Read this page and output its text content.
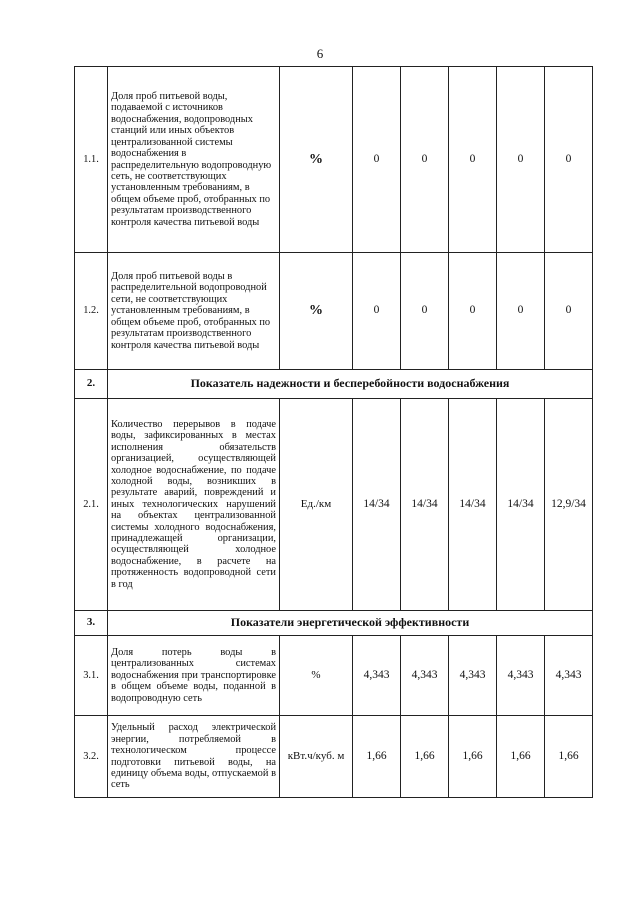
6
1.1.	Доля проб питьевой воды, подаваемой с источников водоснабжения, водопроводных станций или иных объектов централизованной системы водоснабжения в распределительную водопроводную сеть, не соответствующих установленным требованиям, в общем объеме проб, отобранных по результатам производственного контроля качества питьевой воды	%	0	0	0	0	0
1.2.	Доля проб питьевой воды в распределительной водопроводной сети, не соответствующих установленным требованиям, в общем объеме проб, отобранных по результатам производственного контроля качества питьевой воды	%	0	0	0	0	0
2.	Показатель надежности и бесперебойности водоснабжения						
2.1.	Количество перерывов в подаче воды, зафиксированных в местах исполнения обязательств организацией, осуществляющей холодное водоснабжение, по подаче холодной воды, возникших в результате аварий, повреждений и иных технологических нарушений на объектах централизованной системы холодного водоснабжения, принадлежащей организации, осуществляющей холодное водоснабжение, в расчете на протяженность водопроводной сети в год	Ед./км	14/34	14/34	14/34	14/34	12,9/34
3.	Показатели энергетической эффективности						
3.1.	Доля потерь воды в централизованных системах водоснабжения при транспортировке в общем объеме воды, поданной в водопроводную сеть	%	4,343	4,343	4,343	4,343	4,343
3.2.	Удельный расход электрической энергии, потребляемой в технологическом процессе подготовки питьевой воды, на единицу объема воды, отпускаемой в сеть	кВт.ч/куб. м	1,66	1,66	1,66	1,66	1,66
